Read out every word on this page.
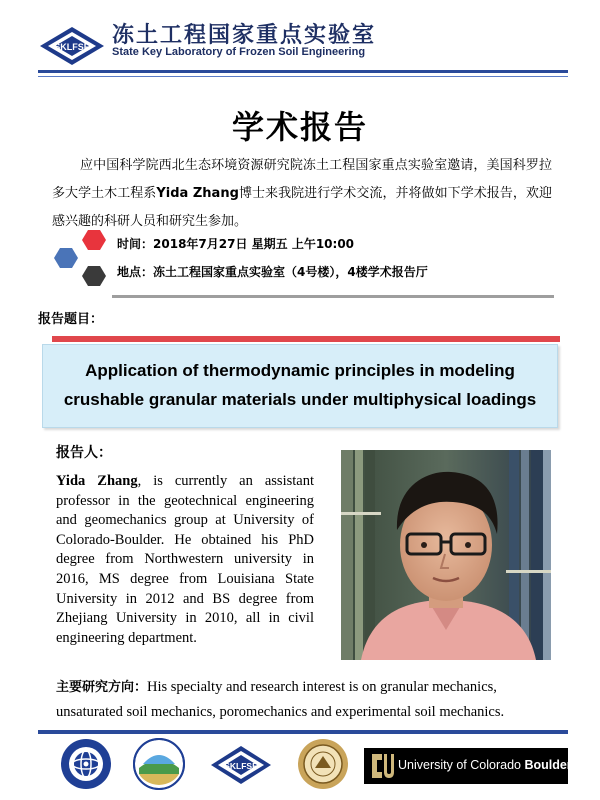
SKLFSE 冻土工程国家重点实验室
State Key Laboratory of Frozen Soil Engineering
学术报告
应中国科学院西北生态环境资源研究院冻土工程国家重点实验室邀请，美国科罗拉多大学土木工程系Yida Zhang博士来我院进行学术交流，并将做如下学术报告，欢迎感兴趣的科研人员和研究生参加。
时间：2018年7月27日 星期五 上午10:00
地点：冻土工程国家重点实验室（4号楼），4楼学术报告厅
报告题目：
Application of thermodynamic principles in modeling
crushable granular materials under multiphysical loadings
报告人：
Yida Zhang, is currently an assistant professor in the geotechnical engineering and geomechanics group at University of Colorado-Boulder. He obtained his PhD degree from Northwestern university in 2016, MS degree from Louisiana State University in 2012 and BS degree from Zhejiang University in 2010, all in civil engineering department.
主要研究方向：His specialty and research interest is on granular mechanics, unsaturated soil mechanics, poromechanics and experimental soil mechanics.
SKLFSE	University of Colorado Boulder
